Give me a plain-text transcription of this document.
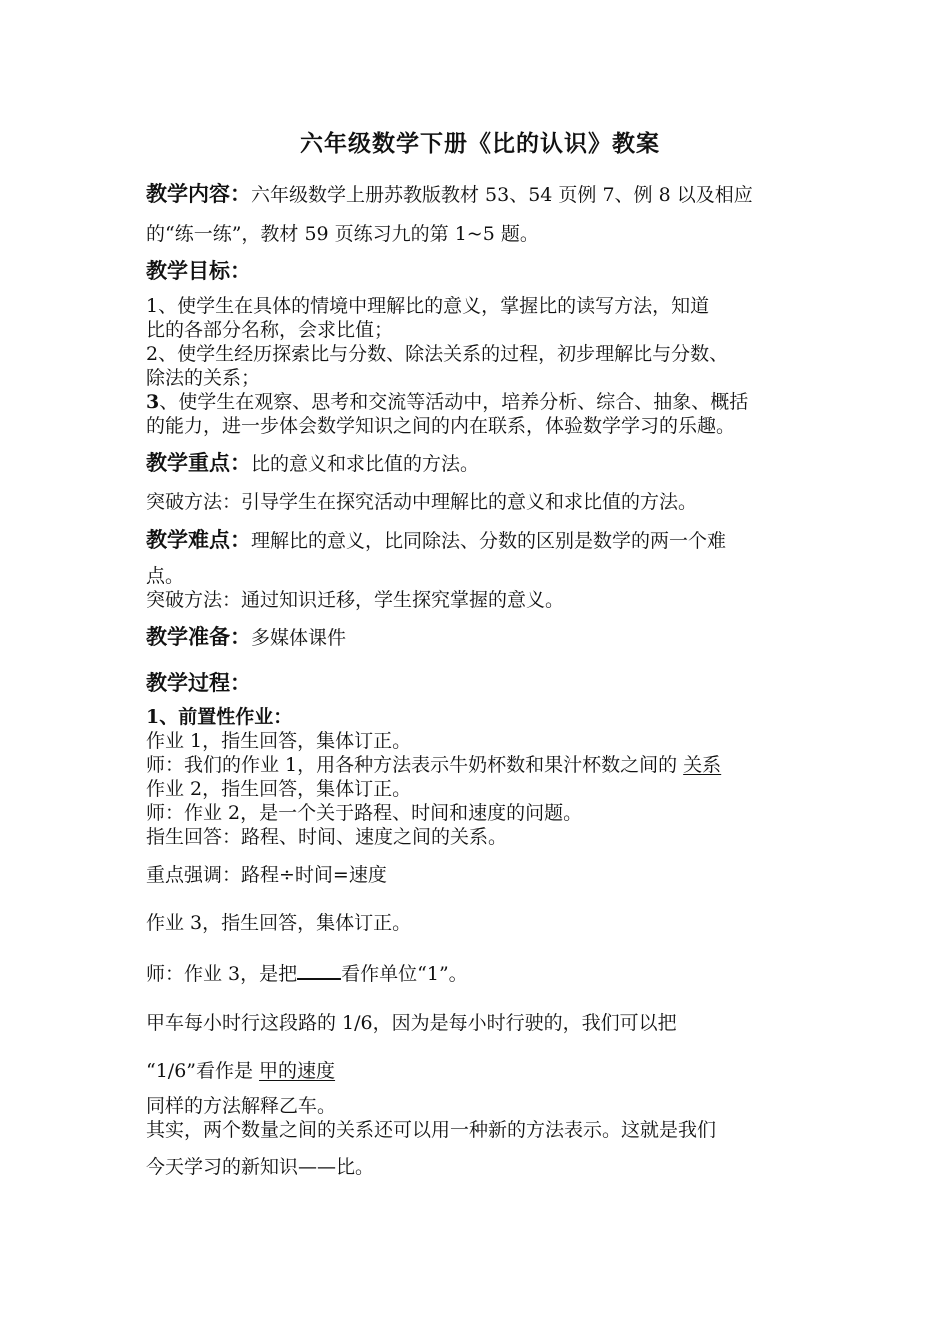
六年级数学下册《比的认识》教案
教学内容：六年级数学上册苏教版教材 53、54 页例 7、例 8 以及相应
的“练一练”，教材 59 页练习九的第 1~5 题。
教学目标：
1、使学生在具体的情境中理解比的意义，掌握比的读写方法，知道
比的各部分名称，会求比值；
2、使学生经历探索比与分数、除法关系的过程，初步理解比与分数、
除法的关系；
3、使学生在观察、思考和交流等活动中，培养分析、综合、抽象、概括
的能力，进一步体会数学知识之间的内在联系，体验数学学习的乐趣。
教学重点：比的意义和求比值的方法。
突破方法：引导学生在探究活动中理解比的意义和求比值的方法。
教学难点：理解比的意义，比同除法、分数的区别是数学的两一个难
点。
突破方法：通过知识迁移，学生探究掌握的意义。
教学准备：多媒体课件
教学过程：
1、前置性作业：
作业 1，指生回答，集体订正。
师：我们的作业 1，用各种方法表示牛奶杯数和果汁杯数之间的 关系
作业 2，指生回答，集体订正。
师：作业 2，是一个关于路程、时间和速度的问题。
指生回答：路程、时间、速度之间的关系。
重点强调：路程÷时间=速度
作业 3，指生回答，集体订正。
师：作业 3，是把 看作单位“1”。
甲车每小时行这段路的 1/6，因为是每小时行驶的，我们可以把
“1/6”看作是 甲的速度
同样的方法解释乙车。
其实，两个数量之间的关系还可以用一种新的方法表示。这就是我们
今天学习的新知识——比。
